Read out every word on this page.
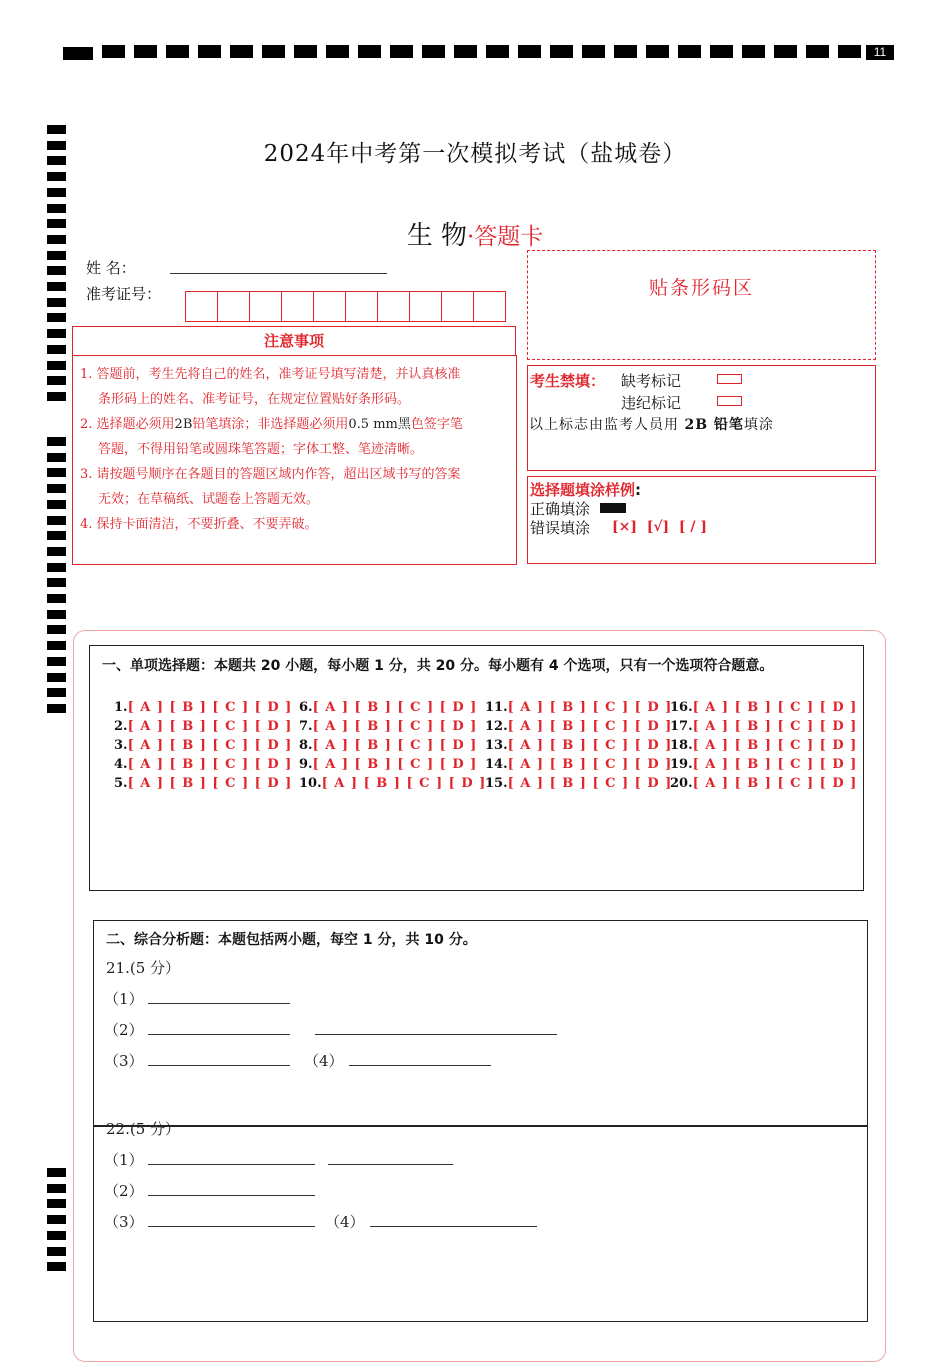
11
2024年中考第一次模拟考试（盐城卷）
生 物·答题卡
姓 名：
准考证号：
注意事项
1. 答题前，考生先将自己的姓名，准考证号填写清楚，并认真核准
条形码上的姓名、准考证号，在规定位置贴好条形码。
2. 选择题必须用2B铅笔填涂；非选择题必须用0.5 mm黑色签字笔
答题，不得用铅笔或圆珠笔答题；字体工整、笔迹清晰。
3. 请按题号顺序在各题目的答题区域内作答，超出区域书写的答案
无效；在草稿纸、试题卷上答题无效。
4. 保持卡面清洁，不要折叠、不要弄破。
贴条形码区
考生禁填： 缺考标记
违纪标记
以上标志由监考人员用 2B 铅笔填涂
选择题填涂样例:
正确填涂
错误填涂 [×]  [√]  [ / ]
一、单项选择题：本题共 20 小题，每小题 1 分，共 20 分。每小题有 4 个选项，只有一个选项符合题意。
1.[ A ] [ B ] [ C ] [ D ]
2.[ A ] [ B ] [ C ] [ D ]
3.[ A ] [ B ] [ C ] [ D ]
4.[ A ] [ B ] [ C ] [ D ]
5.[ A ] [ B ] [ C ] [ D ]
6.[ A ] [ B ] [ C ] [ D ]
7.[ A ] [ B ] [ C ] [ D ]
8.[ A ] [ B ] [ C ] [ D ]
9.[ A ] [ B ] [ C ] [ D ]
10.[ A ] [ B ] [ C ] [ D ]
11.[ A ] [ B ] [ C ] [ D ]
12.[ A ] [ B ] [ C ] [ D ]
13.[ A ] [ B ] [ C ] [ D ]
14.[ A ] [ B ] [ C ] [ D ]
15.[ A ] [ B ] [ C ] [ D ]
16.[ A ] [ B ] [ C ] [ D ]
17.[ A ] [ B ] [ C ] [ D ]
18.[ A ] [ B ] [ C ] [ D ]
19.[ A ] [ B ] [ C ] [ D ]
20.[ A ] [ B ] [ C ] [ D ]
二、综合分析题：本题包括两小题，每空 1 分，共 10 分。
21.(5 分）
（1）
（2）
（3）	（4）
22.(5 分）
（1）
（2）
（3）	（4）
